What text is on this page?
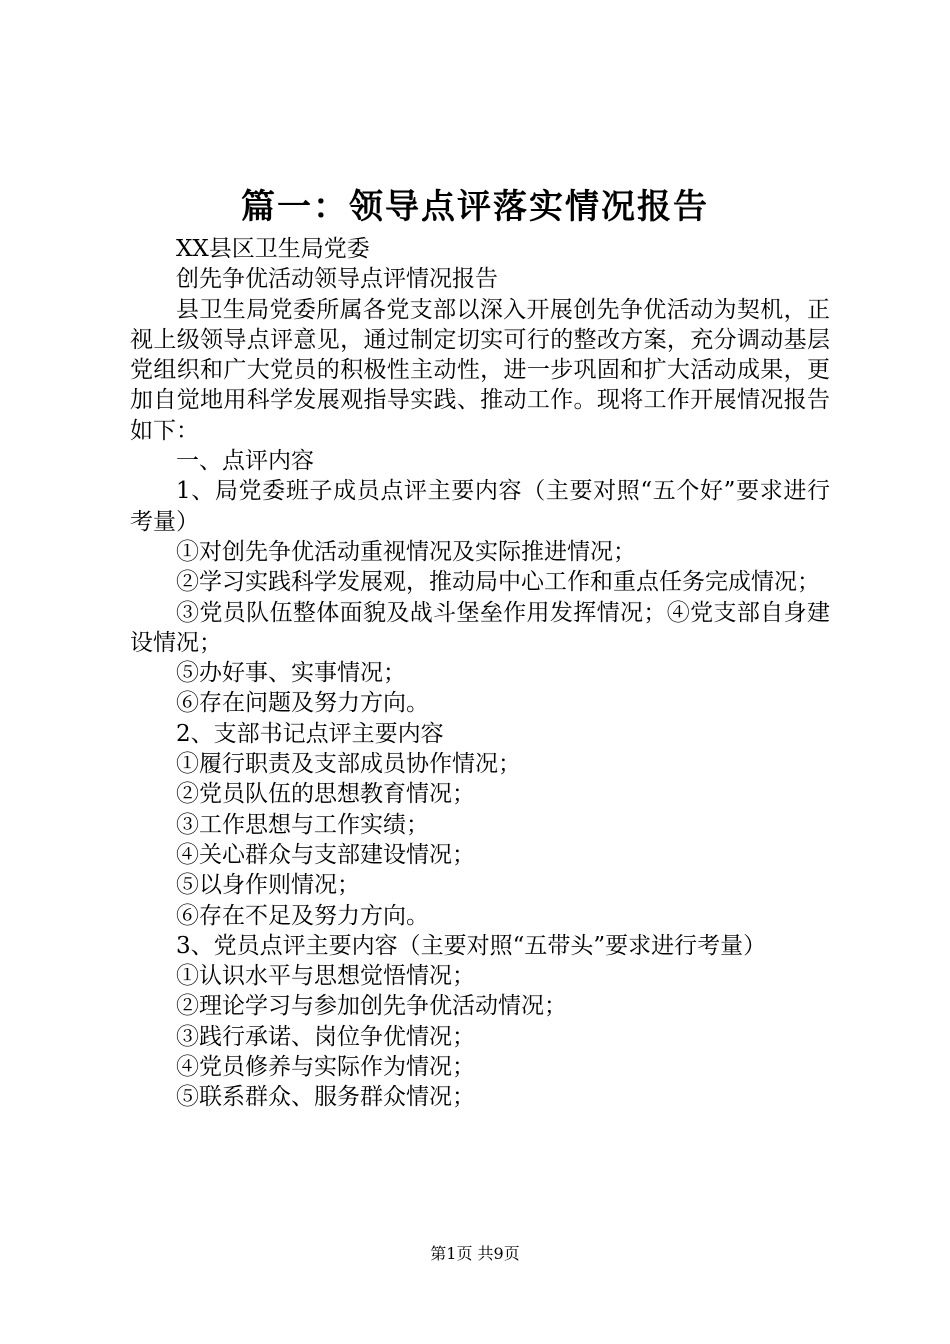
篇一：领导点评落实情况报告

XX县区卫生局党委

创先争优活动领导点评情况报告

县卫生局党委所属各党支部以深入开展创先争优活动为契机，正视上级领导点评意见，通过制定切实可行的整改方案，充分调动基层党组织和广大党员的积极性主动性，进一步巩固和扩大活动成果，更加自觉地用科学发展观指导实践、推动工作。现将工作开展情况报告如下：

一、点评内容

1、局党委班子成员点评主要内容（主要对照“五个好”要求进行考量）

①对创先争优活动重视情况及实际推进情况；

②学习实践科学发展观，推动局中心工作和重点任务完成情况；

③党员队伍整体面貌及战斗堡垒作用发挥情况；④党支部自身建设情况；

⑤办好事、实事情况；

⑥存在问题及努力方向。

2、支部书记点评主要内容

①履行职责及支部成员协作情况；

②党员队伍的思想教育情况；

③工作思想与工作实绩；

④关心群众与支部建设情况；

⑤以身作则情况；

⑥存在不足及努力方向。

3、党员点评主要内容（主要对照“五带头”要求进行考量）

①认识水平与思想觉悟情况；

②理论学习与参加创先争优活动情况；

③践行承诺、岗位争优情况；

④党员修养与实际作为情况；

⑤联系群众、服务群众情况；

第1页 共9页
